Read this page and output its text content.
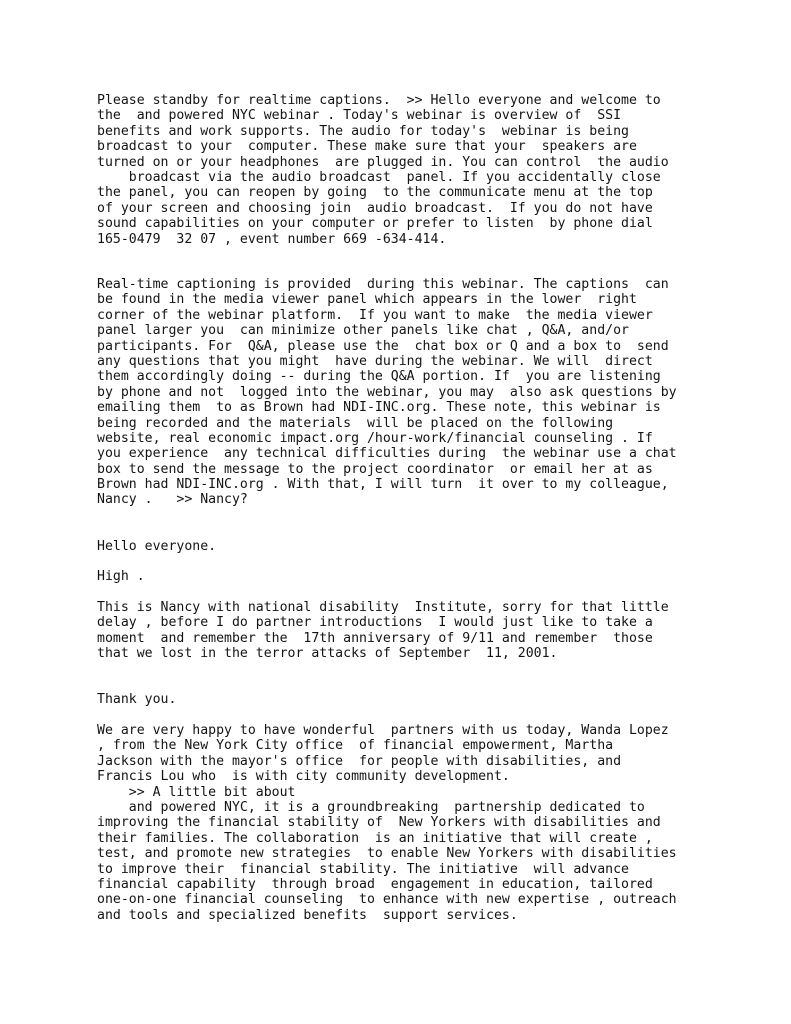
Please standby for realtime captions.  >> Hello everyone and welcome to
the  and powered NYC webinar . Today's webinar is overview of  SSI
benefits and work supports. The audio for today's  webinar is being
broadcast to your  computer. These make sure that your  speakers are
turned on or your headphones  are plugged in. You can control  the audio
broadcast via the audio broadcast  panel. If you accidentally close
the panel, you can reopen by going  to the communicate menu at the top
of your screen and choosing join  audio broadcast.  If you do not have
sound capabilities on your computer or prefer to listen  by phone dial
165-0479  32 07 , event number 669 -634-414.
Real-time captioning is provided  during this webinar. The captions  can
be found in the media viewer panel which appears in the lower  right
corner of the webinar platform.  If you want to make  the media viewer
panel larger you  can minimize other panels like chat , Q&A, and/or
participants. For  Q&A, please use the  chat box or Q and a box to  send
any questions that you might  have during the webinar. We will  direct
them accordingly doing -- during the Q&A portion. If  you are listening
by phone and not  logged into the webinar, you may  also ask questions by
emailing them  to as Brown had NDI-INC.org. These note, this webinar is
being recorded and the materials  will be placed on the following
website, real economic impact.org /hour-work/financial counseling . If
you experience  any technical difficulties during  the webinar use a chat
box to send the message to the project coordinator  or email her at as
Brown had NDI-INC.org . With that, I will turn  it over to my colleague,
Nancy .   >> Nancy?
Hello everyone.
High .
This is Nancy with national disability  Institute, sorry for that little
delay , before I do partner introductions  I would just like to take a
moment  and remember the  17th anniversary of 9/11 and remember  those
that we lost in the terror attacks of September  11, 2001.
Thank you.
We are very happy to have wonderful  partners with us today, Wanda Lopez
, from the New York City office  of financial empowerment, Martha
Jackson with the mayor's office  for people with disabilities, and
Francis Lou who  is with city community development.
>> A little bit about
and powered NYC, it is a groundbreaking  partnership dedicated to
improving the financial stability of  New Yorkers with disabilities and
their families. The collaboration  is an initiative that will create ,
test, and promote new strategies  to enable New Yorkers with disabilities
to improve their  financial stability. The initiative  will advance
financial capability  through broad  engagement in education, tailored
one-on-one financial counseling  to enhance with new expertise , outreach
and tools and specialized benefits  support services.
